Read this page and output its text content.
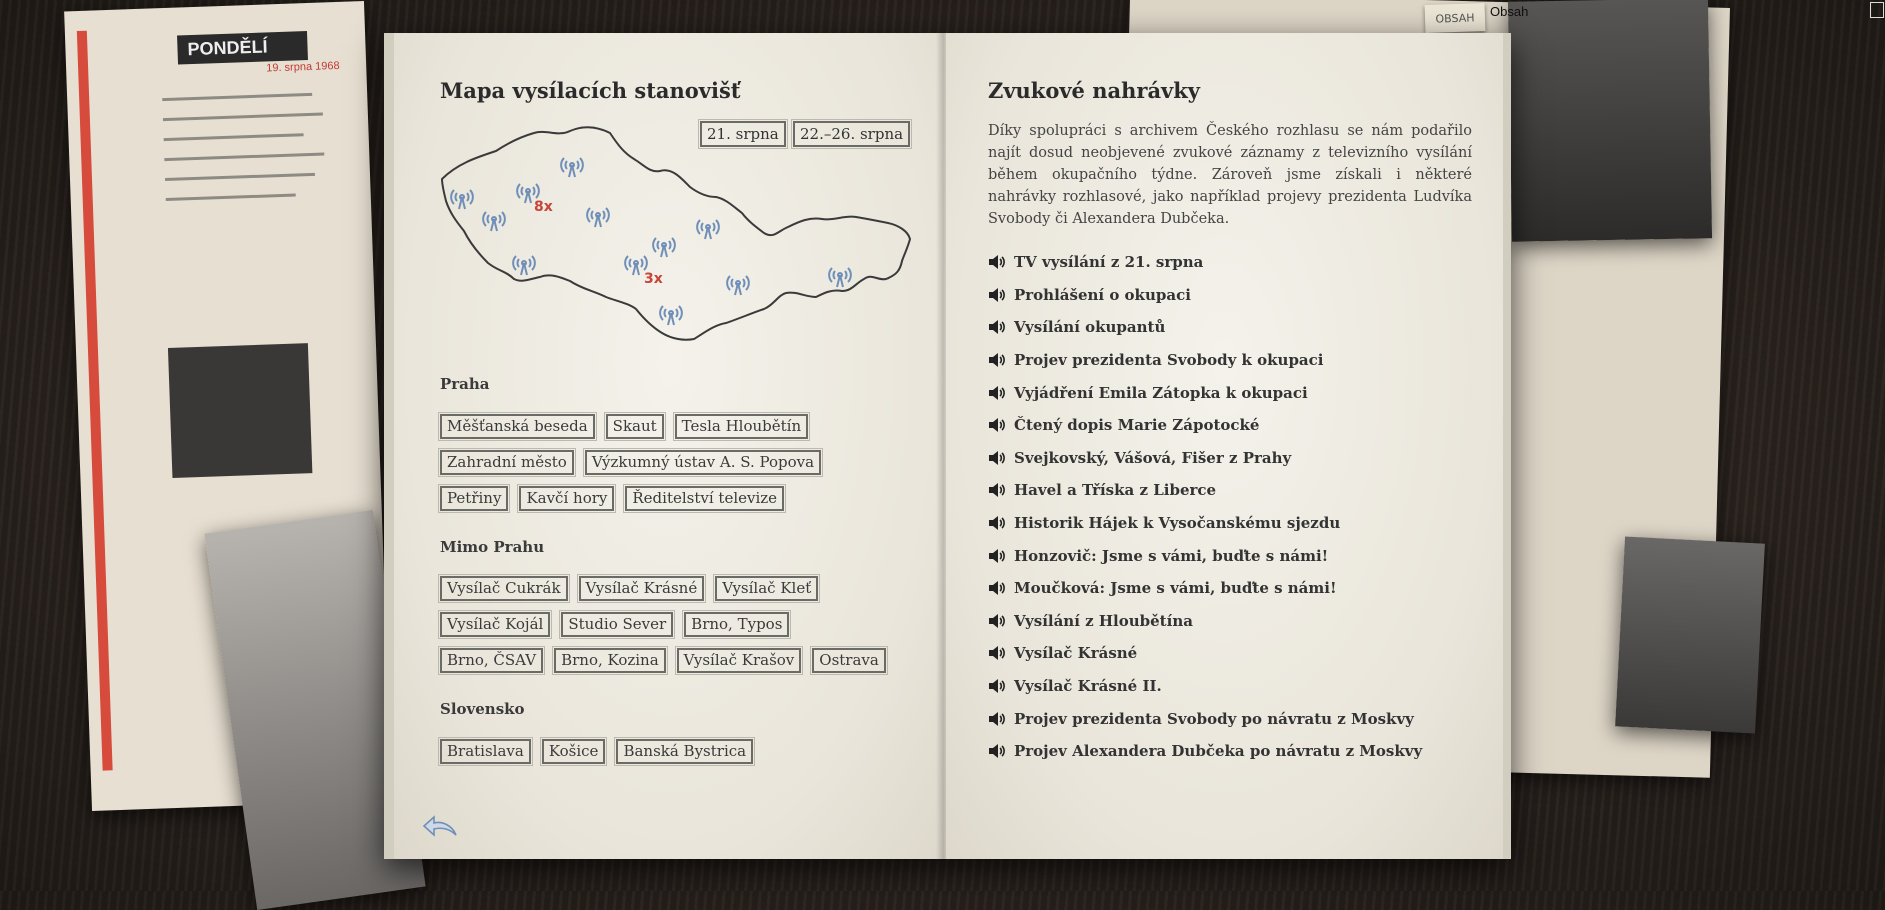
PONDĚLÍ
19. srpna 1968
OBSAH	Obsah
Mapa vysílacích stanovišť
21. srpna	22.–26. srpna
8x
3x
Praha
Měšťanská beseda	Skaut	Tesla Hloubětín
Zahradní město	Výzkumný ústav A. S. Popova
Petřiny	Kavčí hory	Ředitelství televize
Mimo Prahu
Vysílač Cukrák	Vysílač Krásné	Vysílač Kleť
Vysílač Kojál	Studio Sever	Brno, Typos
Brno, ČSAV	Brno, Kozina	Vysílač Krašov	Ostrava
Slovensko
Bratislava	Košice	Banská Bystrica
Zvukové nahrávky

Díky spolupráci s archivem Českého rozhlasu se nám podařilo najít dosud neobjevené zvukové záznamy z televizního vysílání během okupačního týdne. Zároveň jsme získali i některé nahrávky rozhlasové, jako například projevy prezidenta Ludvíka Svobody či Alexandera Dubčeka.

TV vysílání z 21. srpna
Prohlášení o okupaci
Vysílání okupantů
Projev prezidenta Svobody k okupaci
Vyjádření Emila Zátopka k okupaci
Čtený dopis Marie Zápotocké
Svejkovský, Vášová, Fišer z Prahy
Havel a Tříska z Liberce
Historik Hájek k Vysočanskému sjezdu
Honzovič: Jsme s vámi, buďte s námi!
Moučková: Jsme s vámi, buďte s námi!
Vysílání z Hloubětína
Vysílač Krásné
Vysílač Krásné II.
Projev prezidenta Svobody po návratu z Moskvy
Projev Alexandera Dubčeka po návratu z Moskvy
